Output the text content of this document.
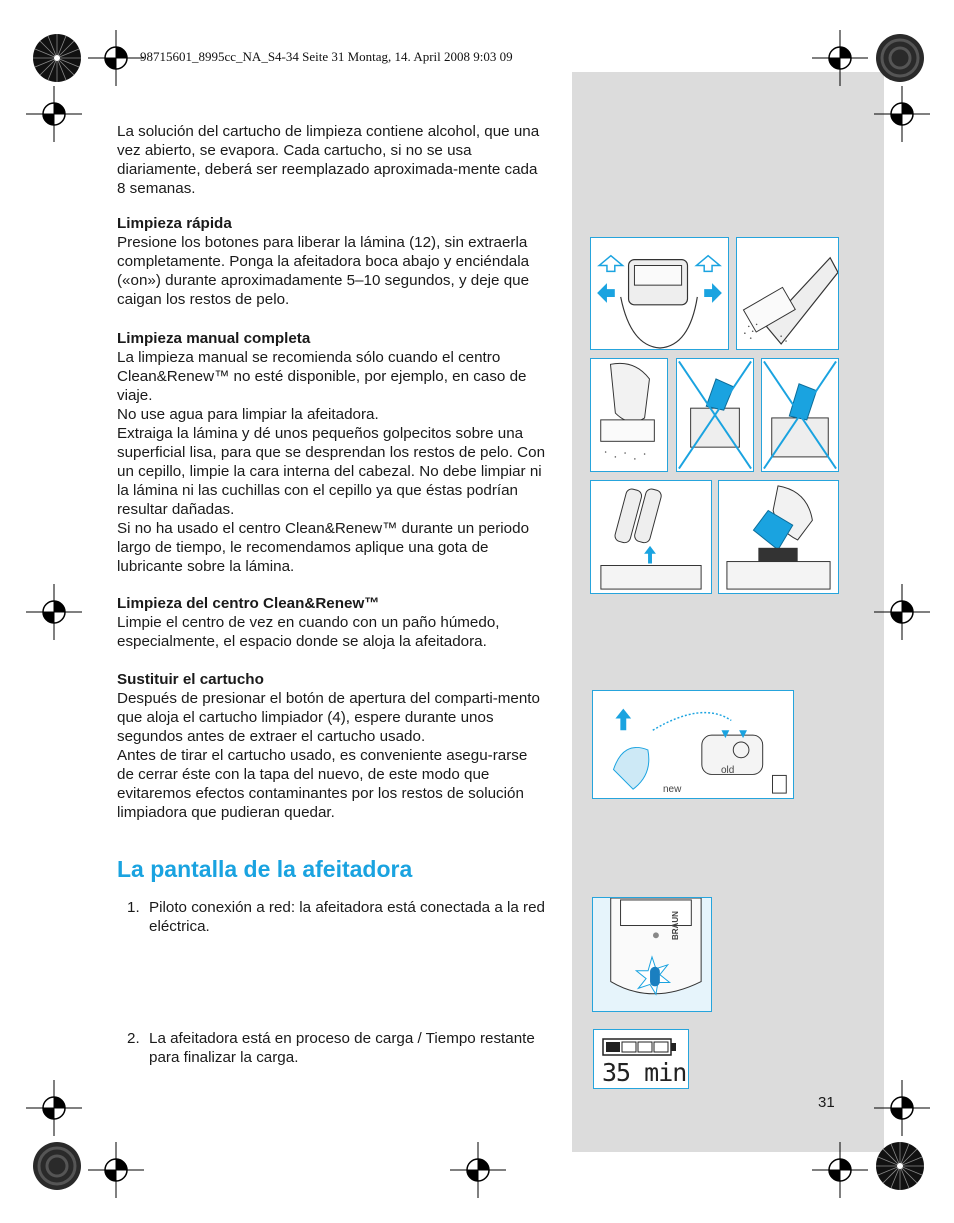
98715601_8995cc_NA_S4-34 Seite 31 Montag, 14. April 2008 9:03 09

La solución del cartucho de limpieza contiene alcohol, que una vez abierto, se evapora. Cada cartucho, si no se usa diariamente, deberá ser reemplazado aproximada-mente cada 8 semanas.

Limpieza rápida

Presione los botones para liberar la lámina (12), sin extraerla completamente. Ponga la afeitadora boca abajo y enciéndala («on») durante aproximadamente 5–10 segundos, y deje que caigan los restos de pelo.

Limpieza manual completa

La limpieza manual se recomienda sólo cuando el centro Clean&Renew™ no esté disponible, por ejemplo, en caso de viaje.

No use agua para limpiar la afeitadora.

Extraiga la lámina y dé unos pequeños golpecitos sobre una superficial lisa, para que se desprendan los restos de pelo. Con un cepillo, limpie la cara interna del cabezal. No debe limpiar ni la lámina ni las cuchillas con el cepillo ya que éstas podrían resultar dañadas.

Si no ha usado el centro Clean&Renew™ durante un periodo largo de tiempo, le recomendamos aplique una gota de lubricante sobre la lámina.

Limpieza del centro Clean&Renew™

Limpie el centro de vez en cuando con un paño húmedo, especialmente, el espacio donde se aloja la afeitadora.

Sustituir el cartucho

Después de presionar el botón de apertura del comparti-mento que aloja el cartucho limpiador (4), espere durante unos segundos antes de extraer el cartucho usado.

Antes de tirar el cartucho usado, es conveniente asegu-rarse de cerrar éste con la tapa del nuevo, de este modo que evitaremos efectos contaminantes por los restos de solución limpiadora que pudieran quedar.

La pantalla de la afeitadora
1. Piloto conexión a red: la afeitadora está conectada a la red eléctrica.
2. La afeitadora está en proceso de carga / Tiempo restante para finalizar la carga.
new
old
BRAUN
35 min
31
